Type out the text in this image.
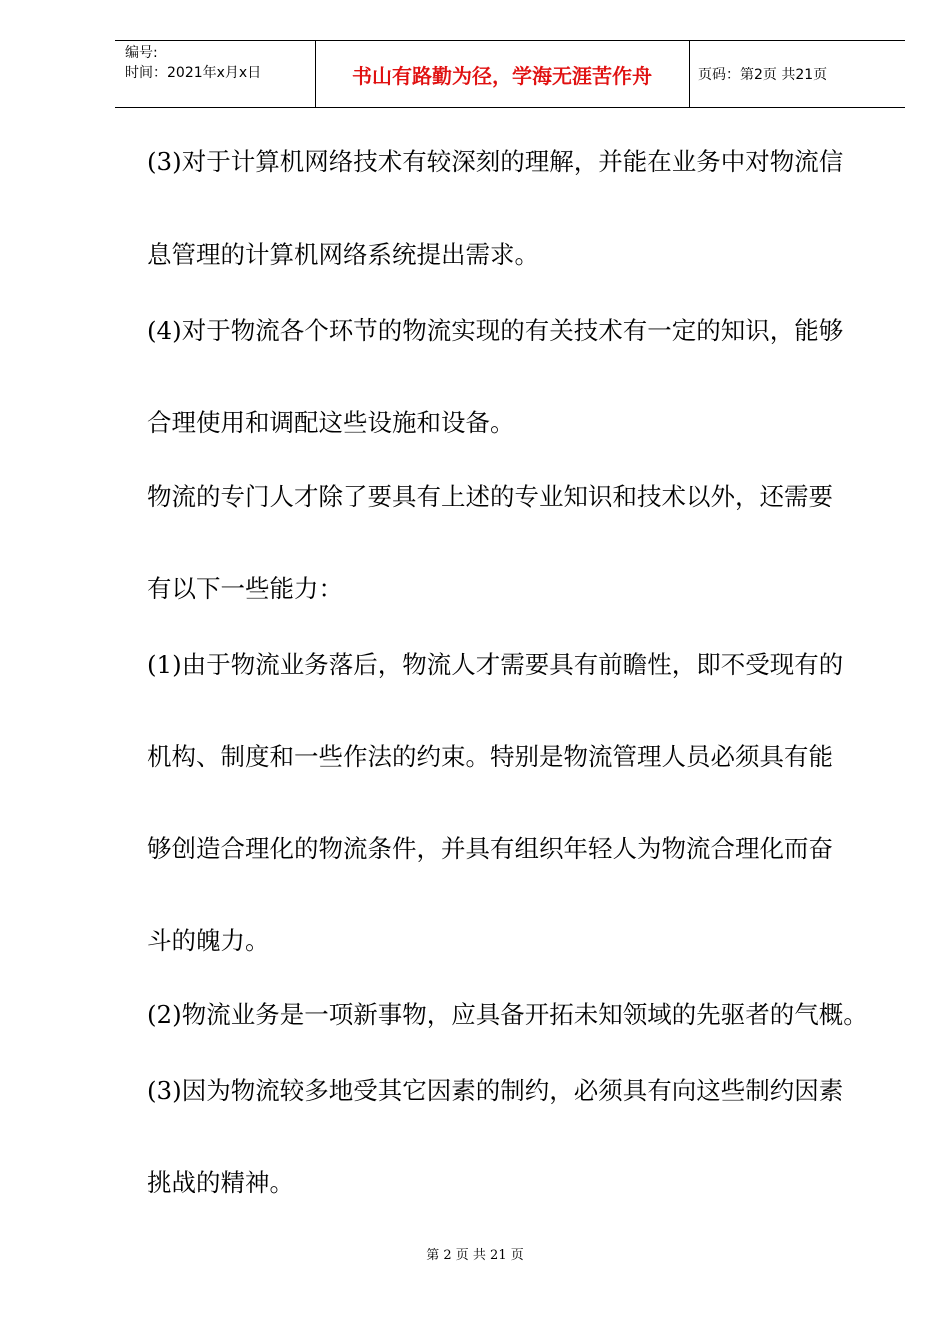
编号:
时间：2021年x月x日	书山有路勤为径，学海无涯苦作舟	页码：第2页 共21页
(3)对于计算机网络技术有较深刻的理解，并能在业务中对物流信
息管理的计算机网络系统提出需求。
(4)对于物流各个环节的物流实现的有关技术有一定的知识，能够
合理使用和调配这些设施和设备。
物流的专门人才除了要具有上述的专业知识和技术以外，还需要
有以下一些能力：
(1)由于物流业务落后，物流人才需要具有前瞻性，即不受现有的
机构、制度和一些作法的约束。特别是物流管理人员必须具有能
够创造合理化的物流条件，并具有组织年轻人为物流合理化而奋
斗的魄力。
(2)物流业务是一项新事物，应具备开拓未知领域的先驱者的气概。
(3)因为物流较多地受其它因素的制约，必须具有向这些制约因素
挑战的精神。
第 2 页 共 21 页
